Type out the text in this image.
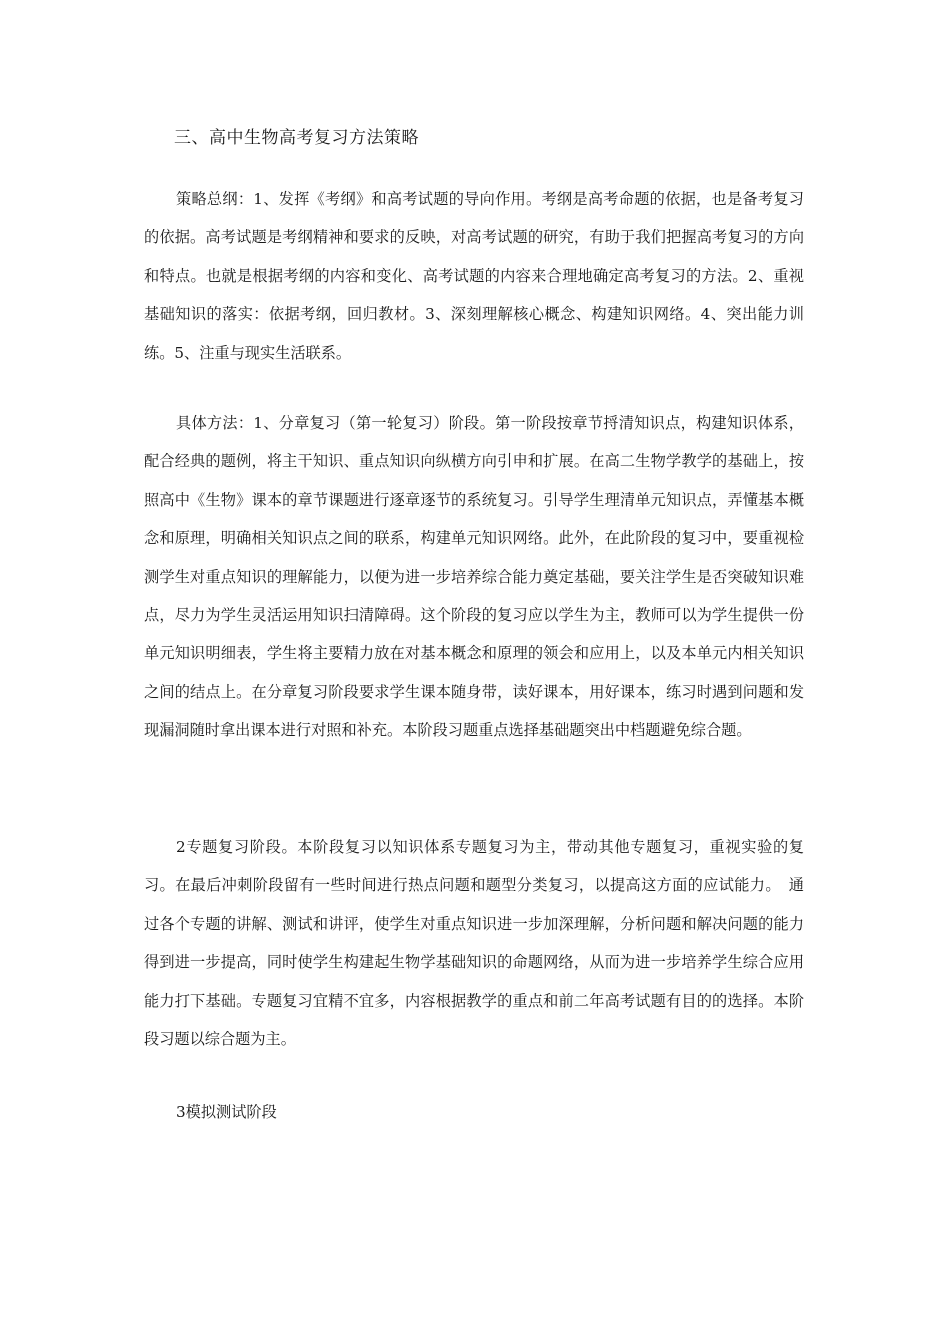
三、高中生物高考复习方法策略

策略总纲：1、发挥《考纲》和高考试题的导向作用。考纲是高考命题的依据，也是备考复习的依据。高考试题是考纲精神和要求的反映，对高考试题的研究，有助于我们把握高考复习的方向和特点。也就是根据考纲的内容和变化、高考试题的内容来合理地确定高考复习的方法。2、重视基础知识的落实：依据考纲，回归教材。3、深刻理解核心概念、构建知识网络。4、突出能力训练。5、注重与现实生活联系。

具体方法：1、分章复习（第一轮复习）阶段。第一阶段按章节捋清知识点，构建知识体系，配合经典的题例，将主干知识、重点知识向纵横方向引申和扩展。在高二生物学教学的基础上，按照高中《生物》课本的章节课题进行逐章逐节的系统复习。引导学生理清单元知识点，弄懂基本概念和原理，明确相关知识点之间的联系，构建单元知识网络。此外，在此阶段的复习中，要重视检测学生对重点知识的理解能力，以便为进一步培养综合能力奠定基础，要关注学生是否突破知识难点，尽力为学生灵活运用知识扫清障碍。这个阶段的复习应以学生为主，教师可以为学生提供一份单元知识明细表，学生将主要精力放在对基本概念和原理的领会和应用上，以及本单元内相关知识之间的结点上。在分章复习阶段要求学生课本随身带，读好课本，用好课本，练习时遇到问题和发现漏洞随时拿出课本进行对照和补充。本阶段习题重点选择基础题突出中档题避免综合题。

2专题复习阶段。本阶段复习以知识体系专题复习为主，带动其他专题复习，重视实验的复习。在最后冲刺阶段留有一些时间进行热点问题和题型分类复习，以提高这方面的应试能力。　通过各个专题的讲解、测试和讲评，使学生对重点知识进一步加深理解，分析问题和解决问题的能力得到进一步提高，同时使学生构建起生物学基础知识的命题网络，从而为进一步培养学生综合应用能力打下基础。专题复习宜精不宜多，内容根据教学的重点和前二年高考试题有目的的选择。本阶段习题以综合题为主。

3模拟测试阶段
